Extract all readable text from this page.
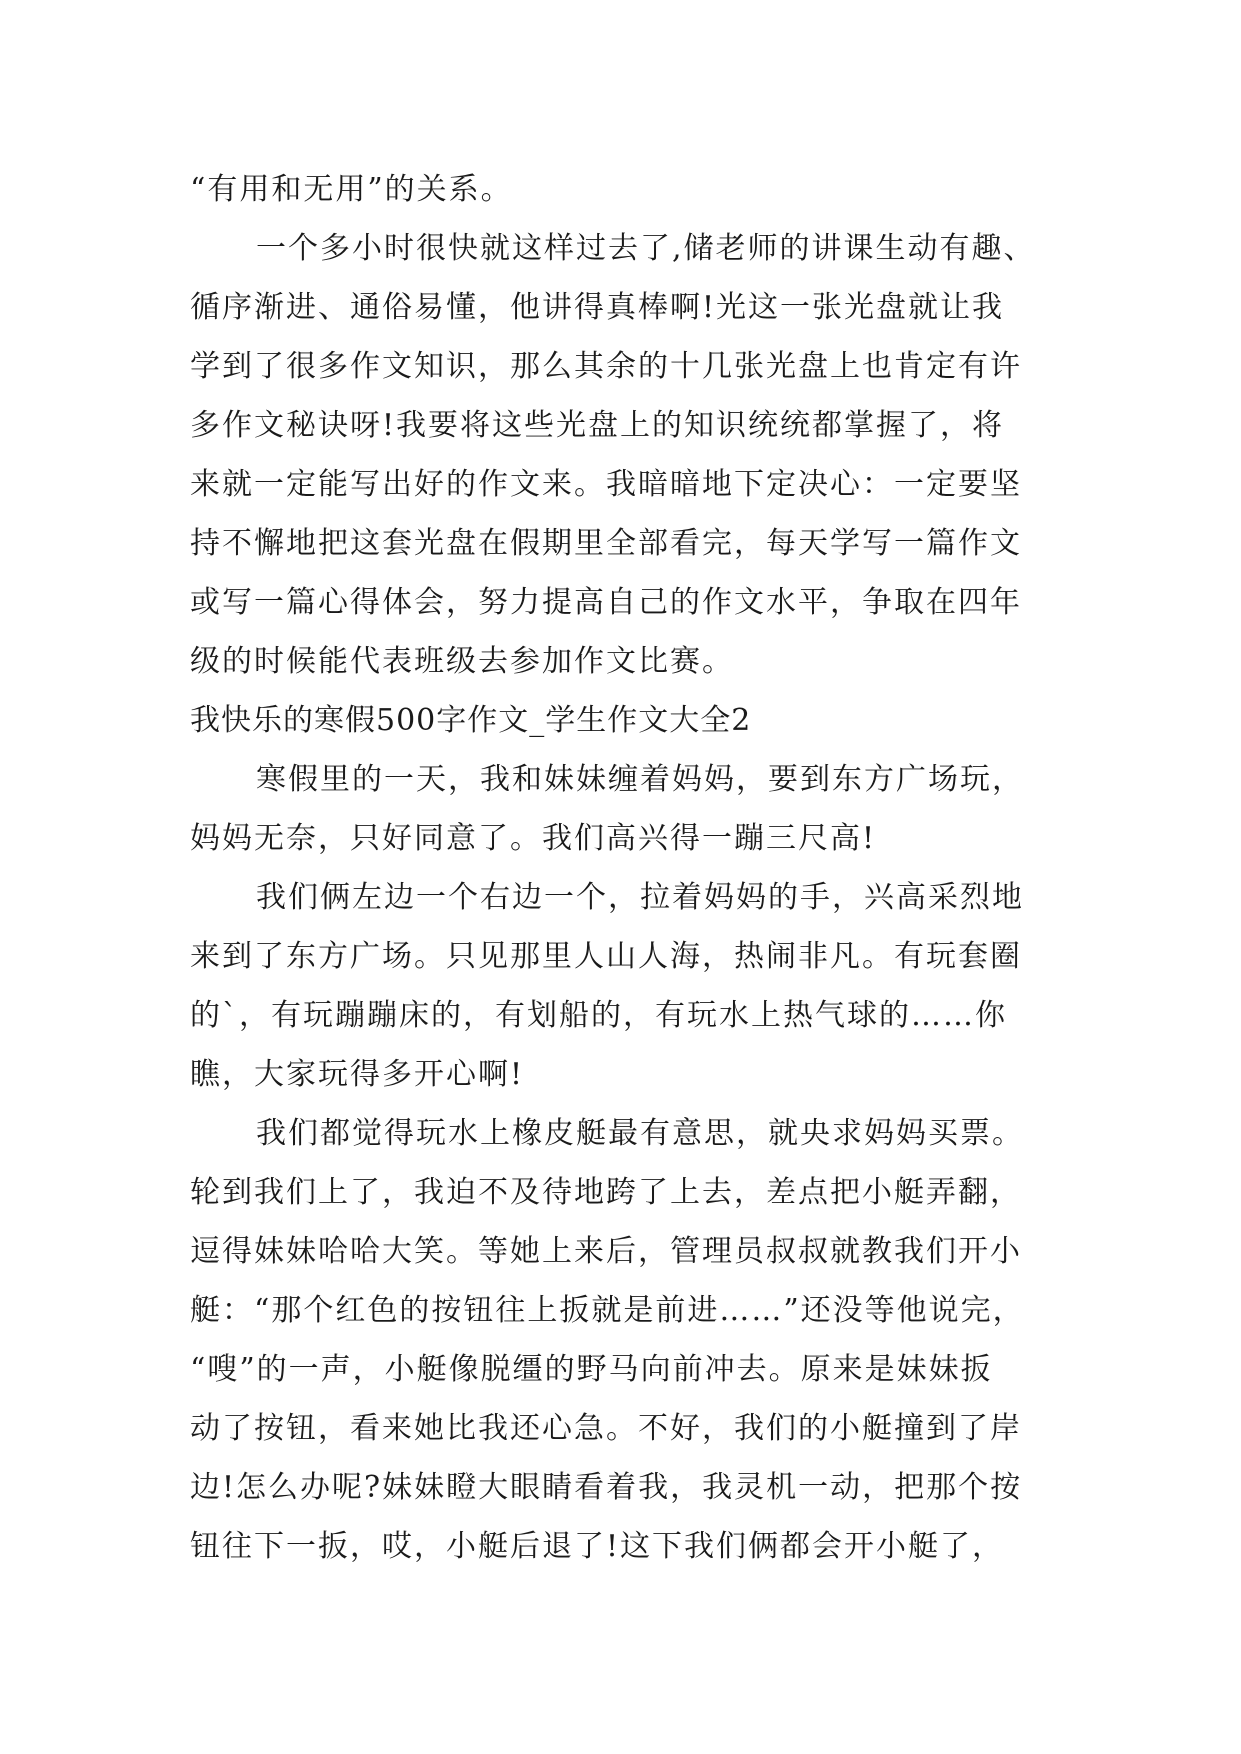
“有用和无用”的关系。
一个多小时很快就这样过去了,储老师的讲课生动有趣、
循序渐进、通俗易懂，他讲得真棒啊!光这一张光盘就让我
学到了很多作文知识，那么其余的十几张光盘上也肯定有许
多作文秘诀呀!我要将这些光盘上的知识统统都掌握了，将
来就一定能写出好的作文来。我暗暗地下定决心：一定要坚
持不懈地把这套光盘在假期里全部看完，每天学写一篇作文
或写一篇心得体会，努力提高自己的作文水平，争取在四年
级的时候能代表班级去参加作文比赛。
我快乐的寒假500字作文_学生作文大全2
寒假里的一天，我和妹妹缠着妈妈，要到东方广场玩，
妈妈无奈，只好同意了。我们高兴得一蹦三尺高!
我们俩左边一个右边一个，拉着妈妈的手，兴高采烈地
来到了东方广场。只见那里人山人海，热闹非凡。有玩套圈
的`，有玩蹦蹦床的，有划船的，有玩水上热气球的……你
瞧，大家玩得多开心啊!
我们都觉得玩水上橡皮艇最有意思，就央求妈妈买票。
轮到我们上了，我迫不及待地跨了上去，差点把小艇弄翻，
逗得妹妹哈哈大笑。等她上来后，管理员叔叔就教我们开小
艇：“那个红色的按钮往上扳就是前进……”还没等他说完，
“嗖”的一声，小艇像脱缰的野马向前冲去。原来是妹妹扳
动了按钮，看来她比我还心急。不好，我们的小艇撞到了岸
边!怎么办呢?妹妹瞪大眼睛看着我，我灵机一动，把那个按
钮往下一扳，哎，小艇后退了!这下我们俩都会开小艇了，
